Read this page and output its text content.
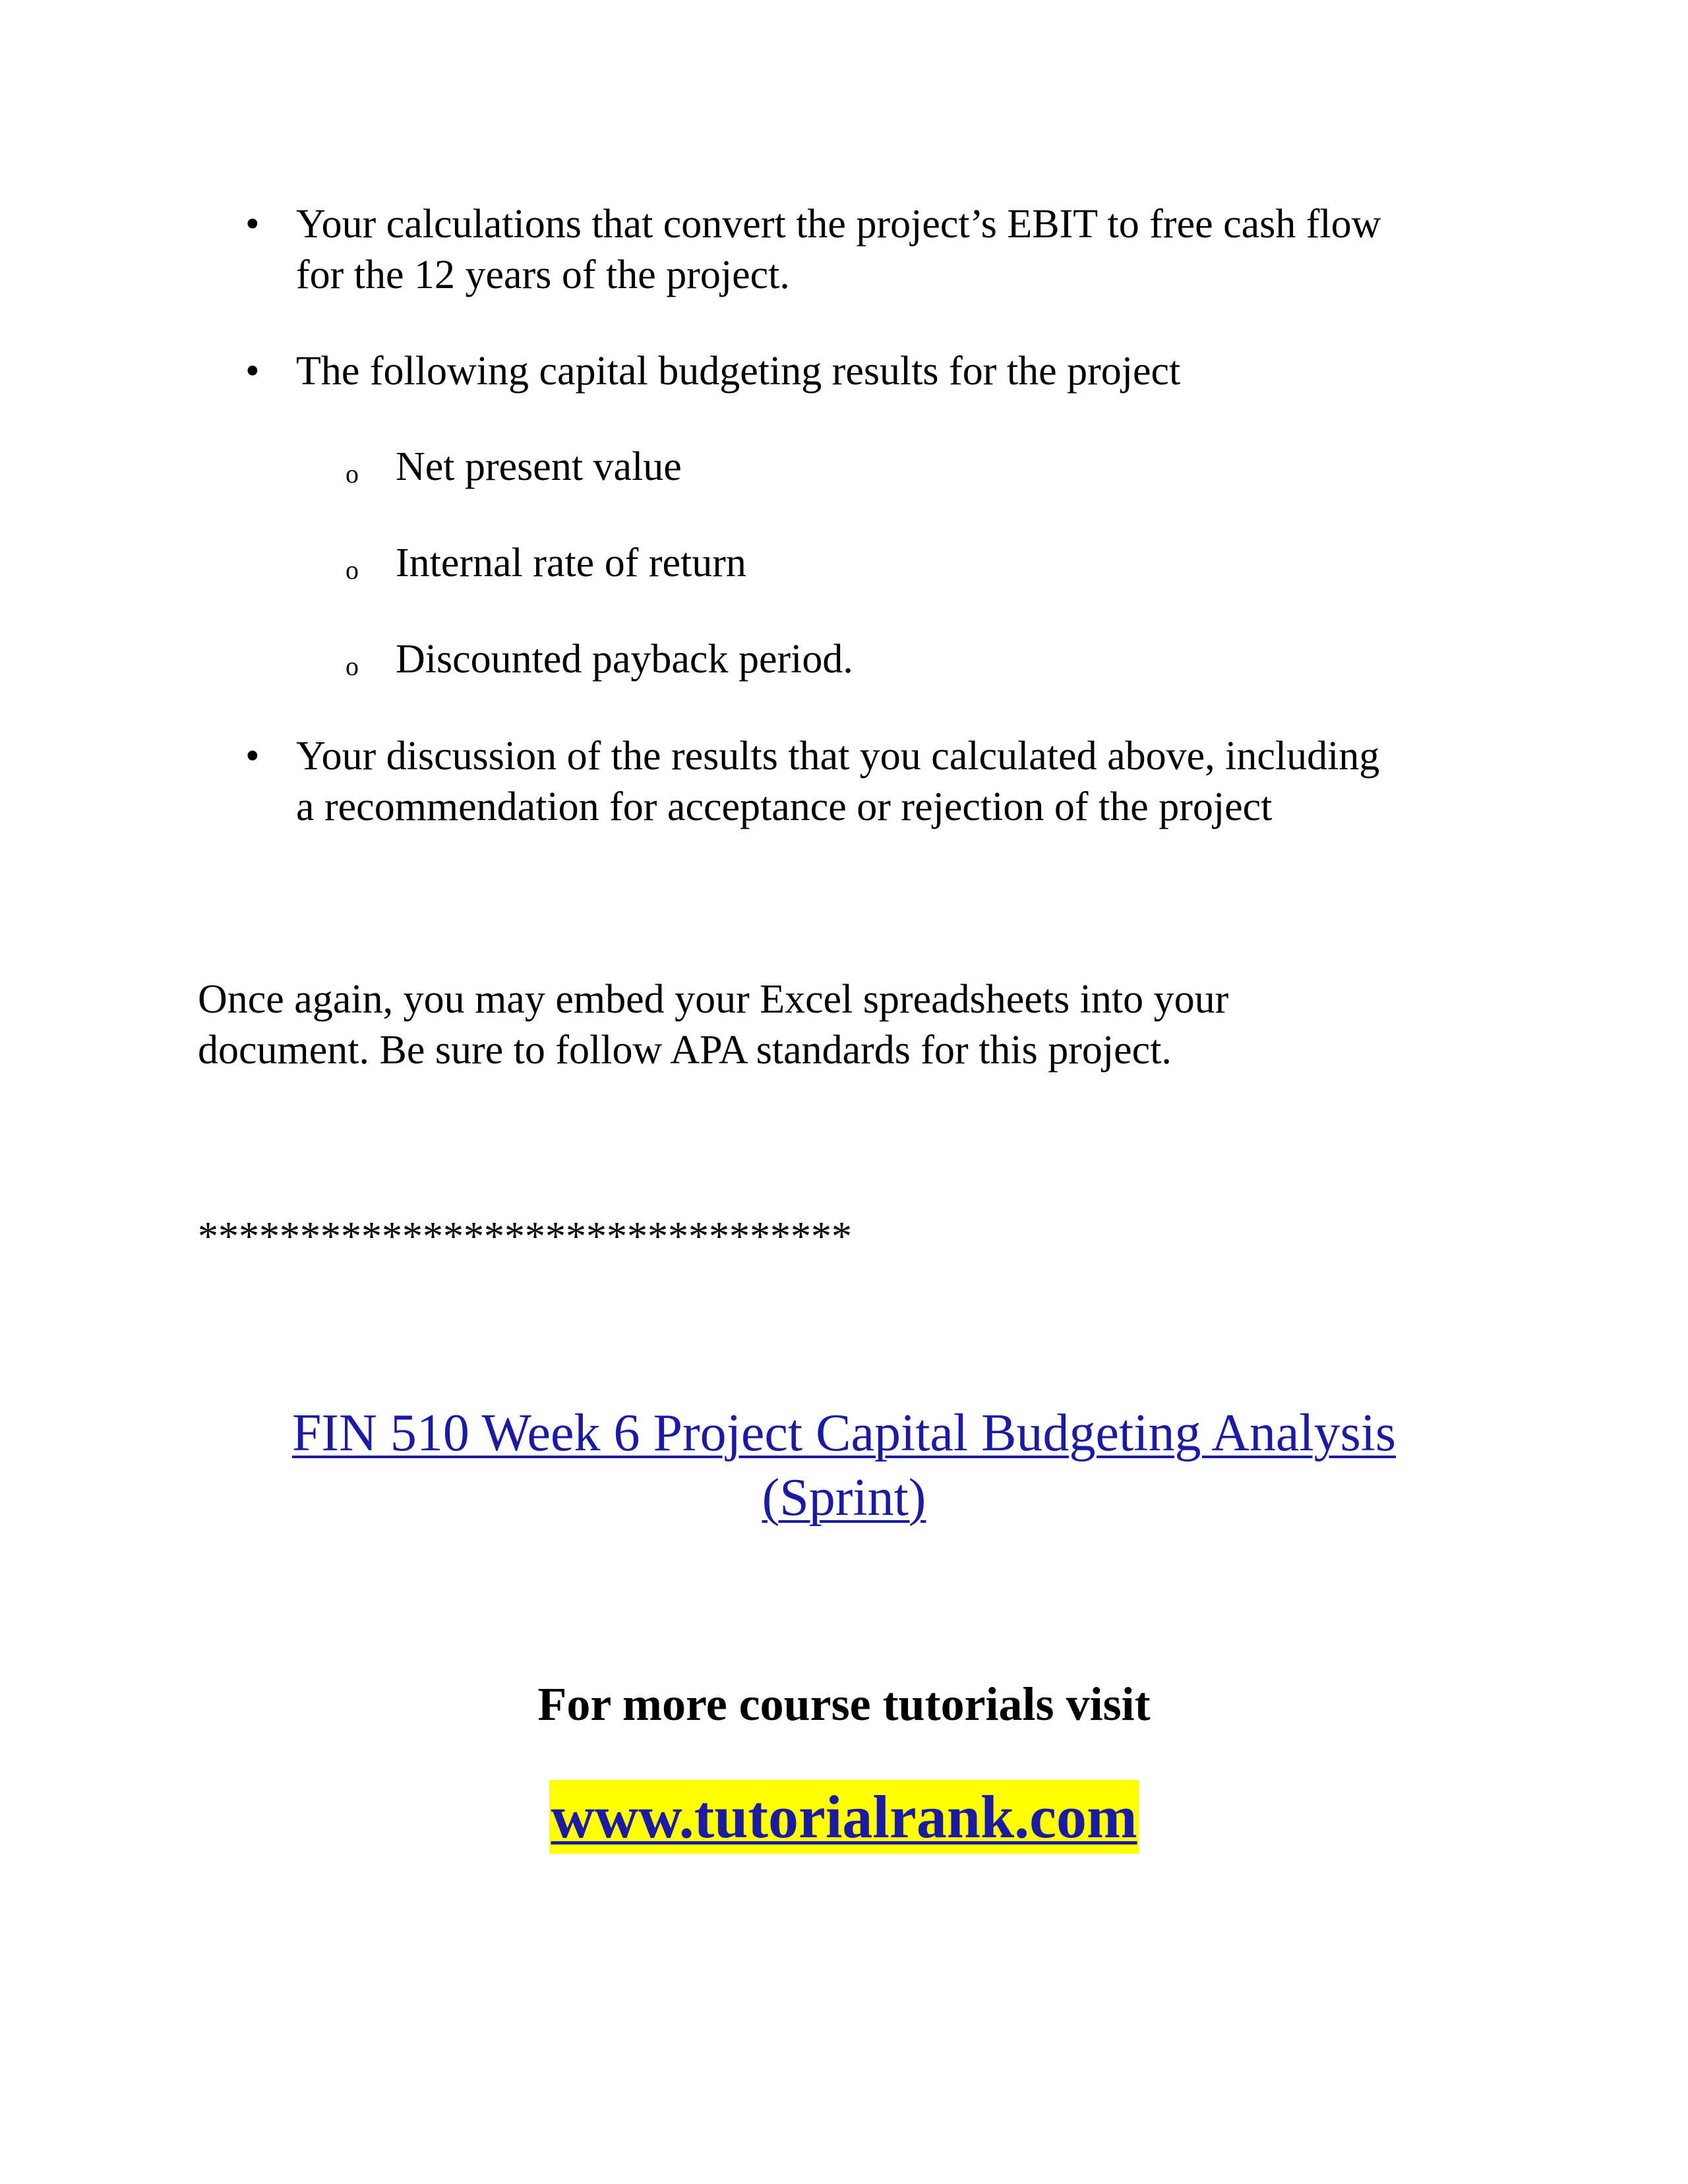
• Your calculations that convert the project’s EBIT to free cash flow

for the 12 years of the project.

• The following capital budgeting results for the project

o Net present value

o Internal rate of return

o Discounted payback period.

• Your discussion of the results that you calculated above, including

a recommendation for acceptance or rejection of the project

Once again, you may embed your Excel spreadsheets into your

document. Be sure to follow APA standards for this project.

********************************

FIN 510 Week 6 Project Capital Budgeting Analysis
(Sprint)
For more course tutorials visit
www.tutorialrank.com
